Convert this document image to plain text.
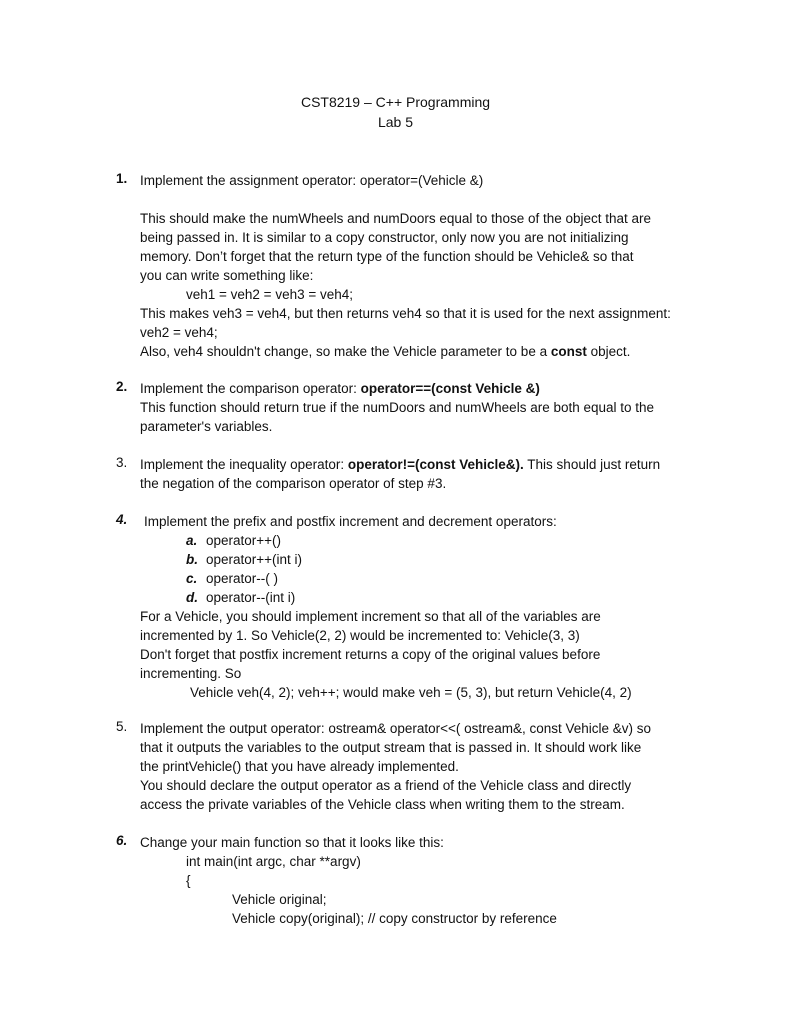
CST8219 – C++ Programming
Lab 5
1. Implement the assignment operator: operator=(Vehicle &)
This should make the numWheels and numDoors equal to those of the object that are
being passed in. It is similar to a copy constructor, only now you are not initializing
memory. Don’t forget that the return type of the function should be Vehicle& so that
you can write something like:
veh1 = veh2 = veh3 = veh4;
This makes veh3 = veh4, but then returns veh4 so that it is used for the next assignment:
veh2 = veh4;
Also, veh4 shouldn't change, so make the Vehicle parameter to be a const object.
2. Implement the comparison operator: operator==(const Vehicle &)
This function should return true if the numDoors and numWheels are both equal to the
parameter's variables.
3. Implement the inequality operator: operator!=(const Vehicle&). This should just return
the negation of the comparison operator of step #3.
4.	Implement the prefix and postfix increment and decrement operators:
a. operator++()
b. operator++(int i)
c. operator--( )
d. operator--(int i)
For a Vehicle, you should implement increment so that all of the variables are
incremented by 1. So Vehicle(2, 2) would be incremented to: Vehicle(3, 3)
Don't forget that postfix increment returns a copy of the original values before
incrementing. So
Vehicle veh(4, 2); veh++; would make veh = (5, 3), but return Vehicle(4, 2)
5. Implement the output operator: ostream& operator<<( ostream&, const Vehicle &v) so
that it outputs the variables to the output stream that is passed in. It should work like
the printVehicle() that you have already implemented.
You should declare the output operator as a friend of the Vehicle class and directly
access the private variables of the Vehicle class when writing them to the stream.
6. Change your main function so that it looks like this:
int main(int argc, char **argv)
{
Vehicle original;
Vehicle copy(original); // copy constructor by reference
